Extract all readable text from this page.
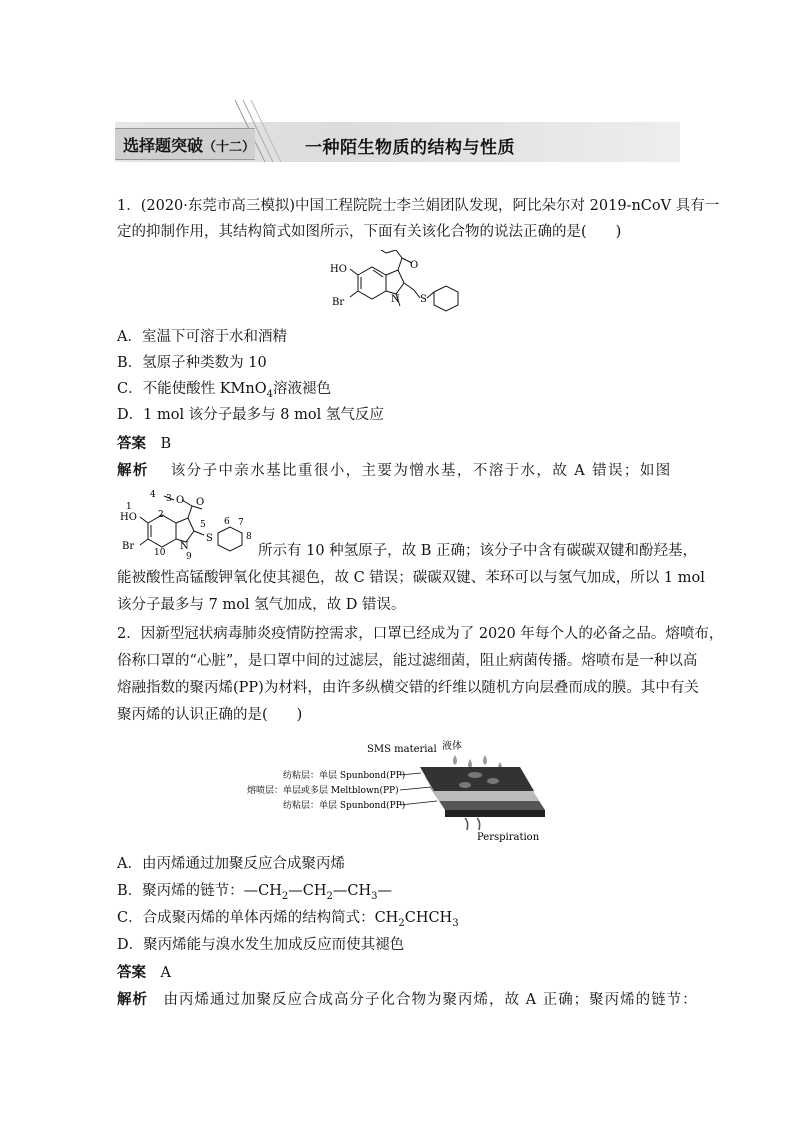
选择题突破（十二）	一种陌生物质的结构与性质
1．(2020·东莞市高三模拟)中国工程院院士李兰娟团队发现，阿比朵尔对 2019-nCoV 具有一
定的抑制作用，其结构简式如图所示，下面有关该化合物的说法正确的是(　　)
HO
Br	N S
O
A．室温下可溶于水和酒精
B．氢原子种类数为 10
C．不能使酸性 KMnO$_4$溶液褪色
D．1 mol 该分子最多与 8 mol 氢气反应
答案　 B
解析　 该分子中亲水基比重很小，主要为憎水基，不溶于水，故 A 错误；如图
HO
Br	N
S
O
O
1
2
3
4
5 6 7
8
9
10	所示有 10 种氢原子，故 B 正确；该分子中含有碳碳双键和酚羟基，
能被酸性高锰酸钾氧化使其褪色，故 C 错误；碳碳双键、苯环可以与氢气加成，所以 1 mol
该分子最多与 7 mol 氢气加成，故 D 错误。
2．因新型冠状病毒肺炎疫情防控需求，口罩已经成为了 2020 年每个人的必备之品。熔喷布，
俗称口罩的“心脏”，是口罩中间的过滤层，能过滤细菌，阻止病菌传播。熔喷布是一种以高
熔融指数的聚丙烯(PP)为材料，由许多纵横交错的纤维以随机方向层叠而成的膜。其中有关
聚丙烯的认识正确的是(　　)
SMS material 液体
纺粘层：单层 Spunbond(PP)
熔喷层：单层或多层 Meltblown(PP)
纺粘层：单层 Spunbond(PP)
Perspiration
A．由丙烯通过加聚反应合成聚丙烯
B．聚丙烯的链节：$—CH_2—CH_2—CH_3—$
C．合成聚丙烯的单体丙烯的结构简式：$CH_2CHCH_3$
D．聚丙烯能与溴水发生加成反应而使其褪色
答案　 A
解析　 由丙烯通过加聚反应合成高分子化合物为聚丙烯，故 A 正确；聚丙烯的链节：
